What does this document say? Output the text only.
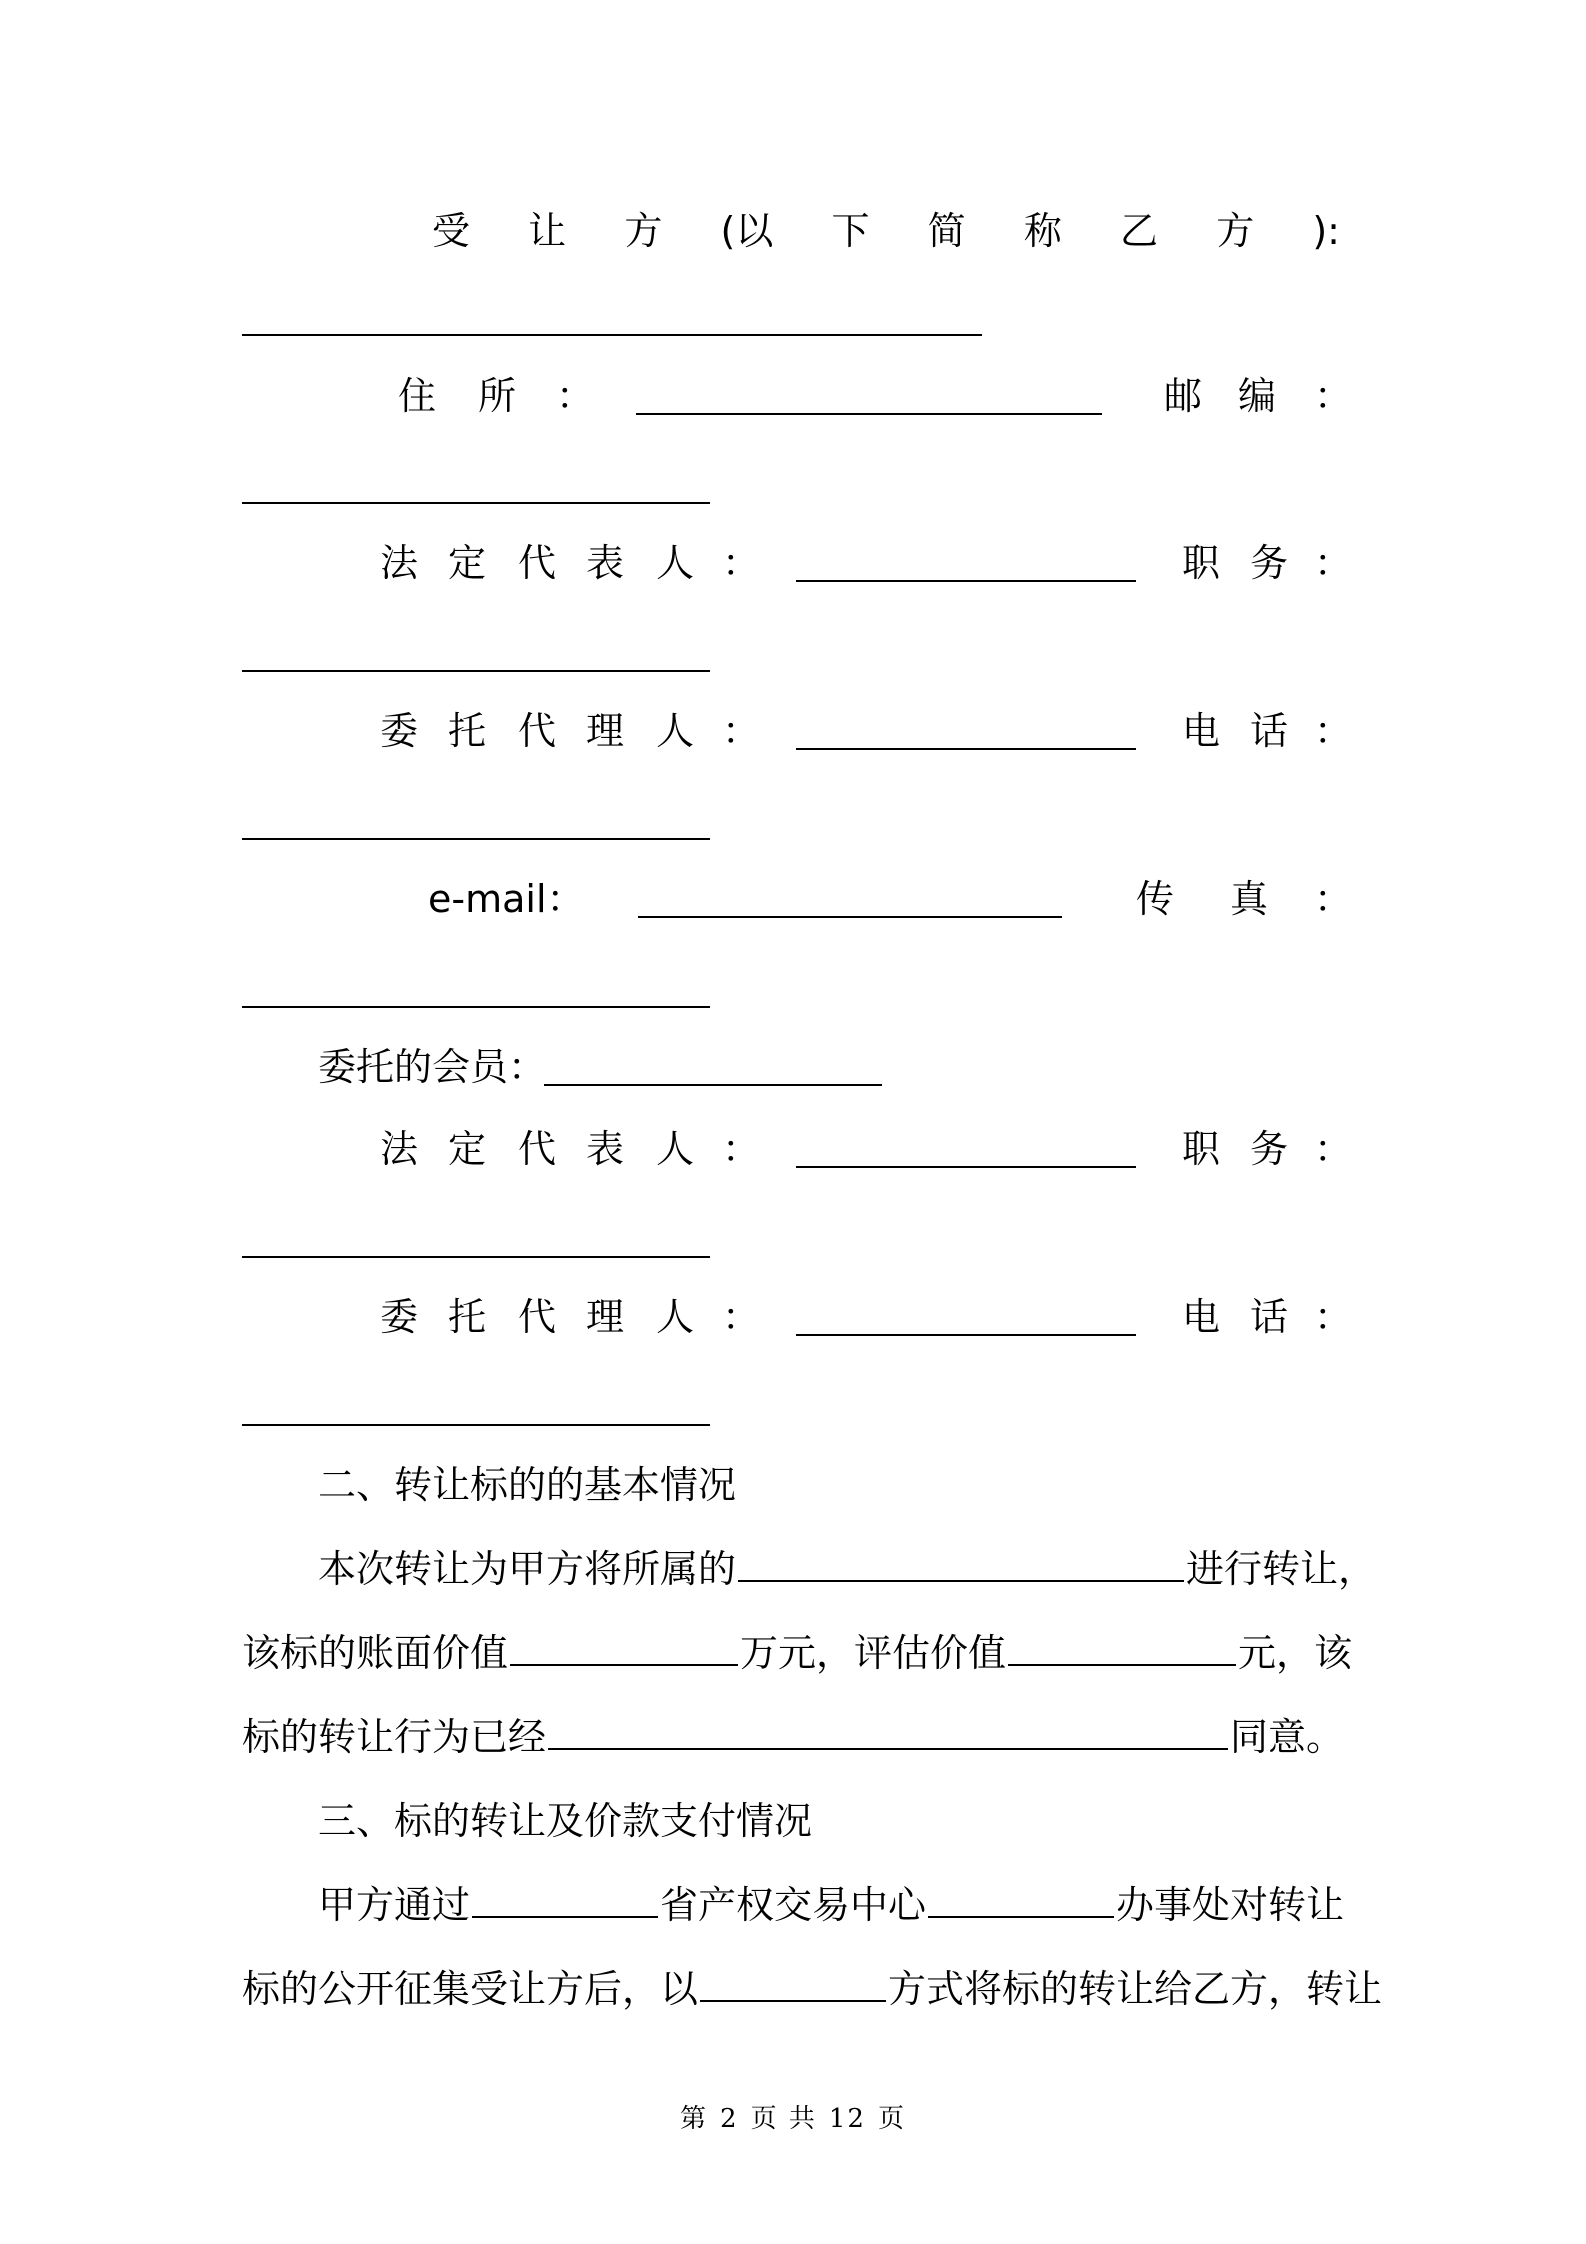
受 让 方 (以 下 简 称 乙 方 ):
住 所 ：	邮 编 ：
法 定 代 表 人 ：	职 务 ：
委 托 代 理 人 ：	电 话 ：
e-mail：	传 真 ：
委托的会员：
法 定 代 表 人 ：	职 务 ：
委 托 代 理 人 ：	电 话 ：
二、转让标的的基本情况
本次转让为甲方将所属的	进行转让，
该标的账面价值	万元，评估价值	元，该
标的转让行为已经	同意。
三、标的转让及价款支付情况
甲方通过	省产权交易中心	办事处对转让
标的公开征集受让方后，以	方式将标的转让给乙方，转让
第 2 页 共 12 页
